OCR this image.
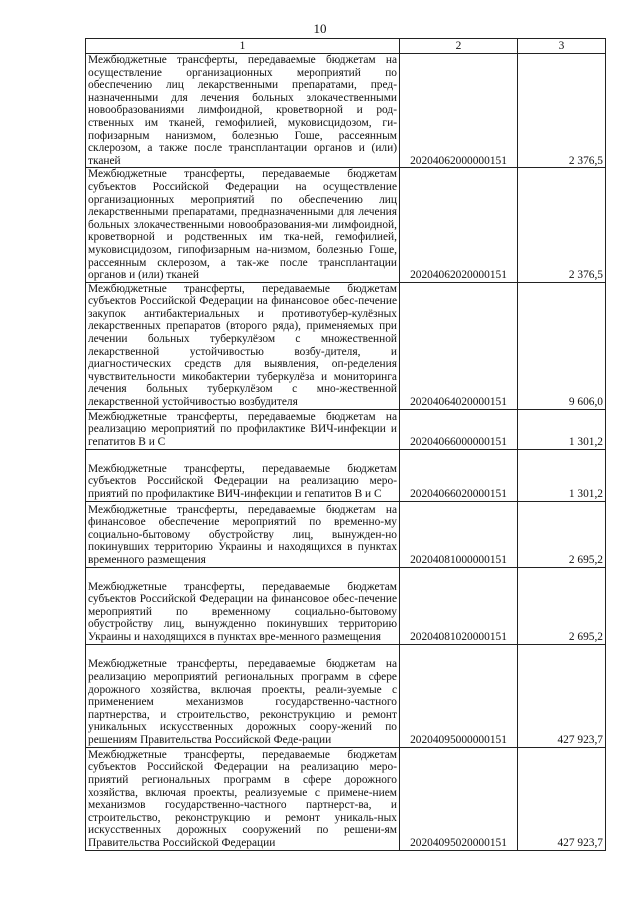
10
1	2	3
Межбюджетные трансферты, передаваемые бюджетам на осуществление организационных мероприятий по обеспечению лиц лекарственными препаратами, пред-назначенными для лечения больных злокачественными новообразованиями лимфоидной, кроветворной и род-ственных им тканей, гемофилией, муковисцидозом, ги-пофизарным нанизмом, болезнью Гоше, рассеянным склерозом, а также после трансплантации органов и (или) тканей	20204062000000151	2 376,5
Межбюджетные трансферты, передаваемые бюджетам субъектов Российской Федерации на осуществление организационных мероприятий по обеспечению лиц лекарственными препаратами, предназначенными для лечения больных злокачественными новообразования-ми лимфоидной, кроветворной и родственных им тка-ней, гемофилией, муковисцидозом, гипофизарным на-низмом, болезнью Гоше, рассеянным склерозом, а так-же после трансплантации органов и (или) тканей	20204062020000151	2 376,5
Межбюджетные трансферты, передаваемые бюджетам субъектов Российской Федерации на финансовое обес-печение закупок антибактериальных и противотубер-кулёзных лекарственных препаратов (второго ряда), применяемых при лечении больных туберкулёзом с множественной лекарственной устойчивостью возбу-дителя, и диагностических средств для выявления, оп-ределения чувствительности микобактерии туберкулёза и мониторинга лечения больных туберкулёзом с мно-жественной лекарственной устойчивостью возбудителя	20204064020000151	9 606,0
Межбюджетные трансферты, передаваемые бюджетам на реализацию мероприятий по профилактике ВИЧ-инфекции и гепатитов В и С	20204066000000151	1 301,2
Межбюджетные трансферты, передаваемые бюджетам субъектов Российской Федерации на реализацию меро-приятий по профилактике ВИЧ-инфекции и гепатитов В и С	20204066020000151	1 301,2
Межбюджетные трансферты, передаваемые бюджетам на финансовое обеспечение мероприятий по временно-му социально-бытовому обустройству лиц, вынужден-но покинувших территорию Украины и находящихся в пунктах временного размещения	20204081000000151	2 695,2
Межбюджетные трансферты, передаваемые бюджетам субъектов Российской Федерации на финансовое обес-печение мероприятий по временному социально-бытовому обустройству лиц, вынужденно покинувших территорию Украины и находящихся в пунктах вре-менного размещения	20204081020000151	2 695,2
Межбюджетные трансферты, передаваемые бюджетам на реализацию мероприятий региональных программ в сфере дорожного хозяйства, включая проекты, реали-зуемые с применением механизмов государственно-частного партнерства, и строительство, реконструкцию и ремонт уникальных искусственных дорожных соору-жений по решениям Правительства Российской Феде-рации	20204095000000151	427 923,7
Межбюджетные трансферты, передаваемые бюджетам субъектов Российской Федерации на реализацию меро-приятий региональных программ в сфере дорожного хозяйства, включая проекты, реализуемые с примене-нием механизмов государственно-частного партнерст-ва, и строительство, реконструкцию и ремонт уникаль-ных искусственных дорожных сооружений по решени-ям Правительства Российской Федерации	20204095020000151	427 923,7
